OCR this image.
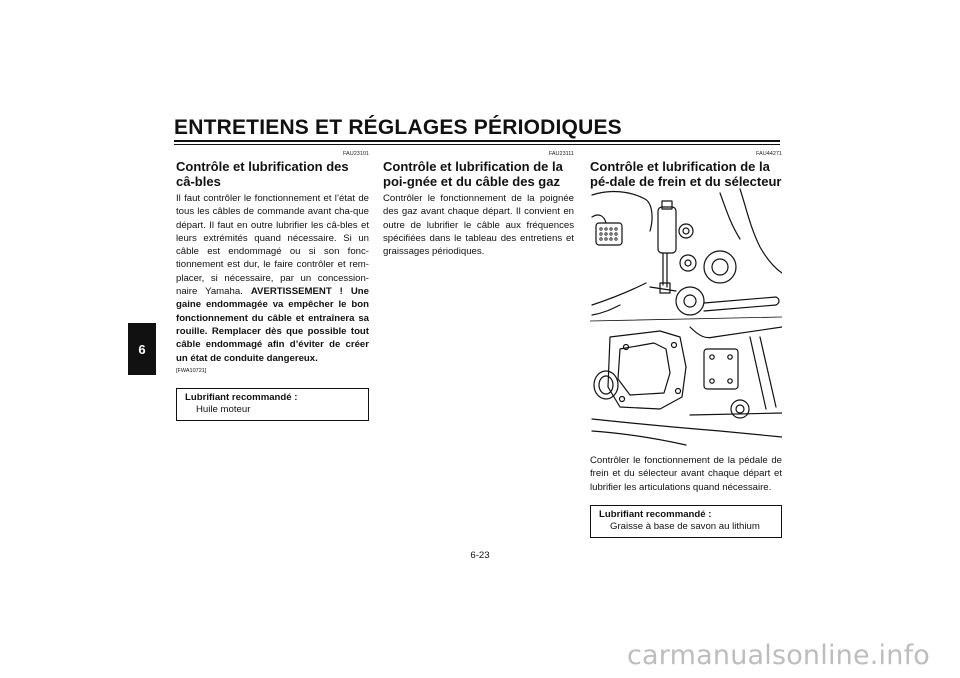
ENTRETIENS ET RÉGLAGES PÉRIODIQUES
6
FAU23101
Contrôle et lubrification des câ-bles

Il faut contrôler le fonctionnement et l’état de tous les câbles de commande avant cha-que départ. Il faut en outre lubrifier les câ-bles et leurs extrémités quand nécessaire. Si un câble est endommagé ou si son fonc-tionnement est dur, le faire contrôler et rem-placer, si nécessaire, par un concession-naire Yamaha. AVERTISSEMENT ! Une gaine endommagée va empêcher le bon fonctionnement du câble et entraînera sa rouille. Remplacer dès que possible tout câble endommagé afin d’éviter de créer un état de conduite dangereux.

[FWA10721]
Lubrifiant recommandé :
Huile moteur
FAU23111
Contrôle et lubrification de la poi-gnée et du câble des gaz

Contrôler le fonctionnement de la poignée des gaz avant chaque départ. Il convient en outre de lubrifier le câble aux fréquences spécifiées dans le tableau des entretiens et graissages périodiques.

FAU44271
Contrôle et lubrification de la pé-dale de frein et du sélecteur

Contrôler le fonctionnement de la pédale de frein et du sélecteur avant chaque départ et lubrifier les articulations quand nécessaire.

Lubrifiant recommandé :
Graisse à base de savon au lithium
6-23
carmanualsonline.info
